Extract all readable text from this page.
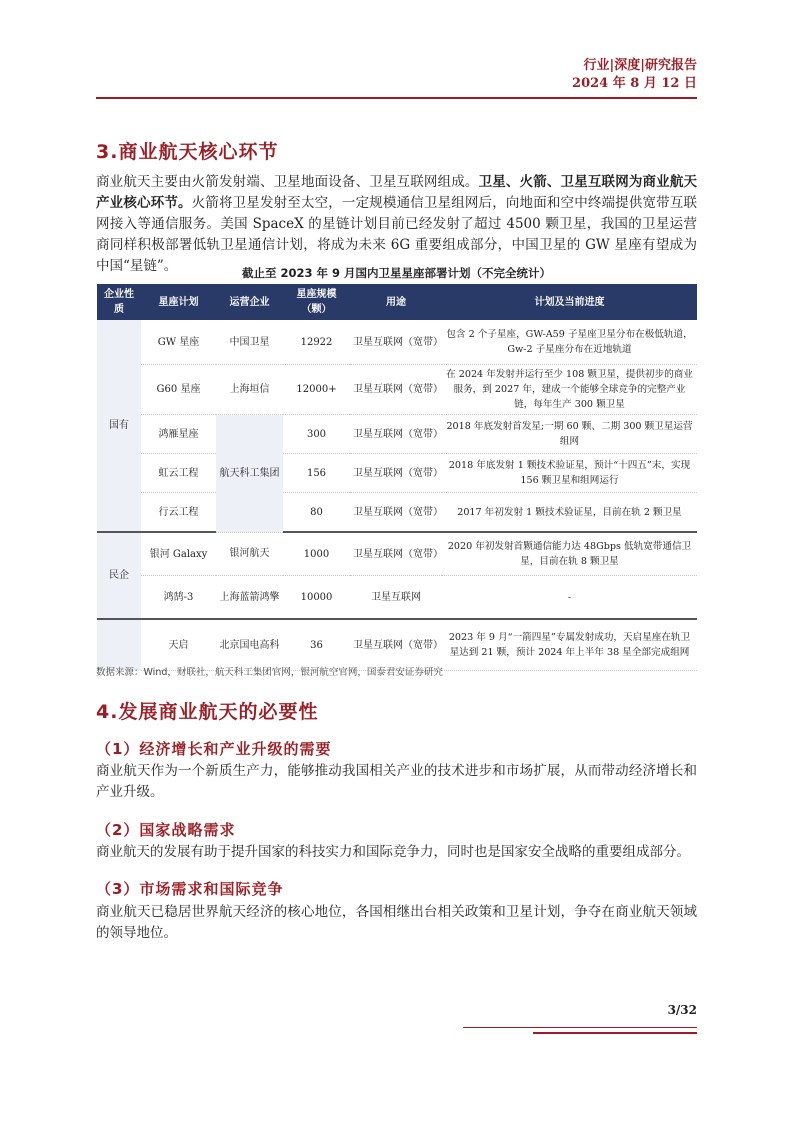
行业|深度|研究报告
2024 年 8 月 12 日
3.商业航天核心环节
商业航天主要由火箭发射端、卫星地面设备、卫星互联网组成。卫星、火箭、卫星互联网为商业航天产业核心环节。火箭将卫星发射至太空，一定规模通信卫星组网后，向地面和空中终端提供宽带互联网接入等通信服务。美国 SpaceX 的星链计划目前已经发射了超过 4500 颗卫星，我国的卫星运营商同样积极部署低轨卫星通信计划，将成为未来 6G 重要组成部分，中国卫星的 GW 星座有望成为中国“星链”。	截止至 2023 年 9 月国内卫星星座部署计划（不完全统计）
企业性质	星座计划	运营企业	星座规模（颗）	用途	计划及当前进度
国有	GW 星座	中国卫星	12922	卫星互联网（宽带）	包含 2 个子星座，GW-A59 子星座卫星分布在极低轨道，Gw-2 子星座分布在近地轨道
	G60 星座	上海垣信	12000+	卫星互联网（宽带）	在 2024 年发射并运行至少 108 颗卫星，提供初步的商业服务，到 2027 年，建成一个能够全球竞争的完整产业链，每年生产 300 颗卫星
	鸿雁星座	航天科工集团	300	卫星互联网（宽带）	2018 年底发射首发星;一期 60 颗、二期 300 颗卫星运营组网
	虹云工程		156	卫星互联网（宽带）	2018 年底发射 1 颗技术验证星，预计“十四五”末，实现 156 颗卫星和组网运行
	行云工程		80	卫星互联网（宽带）	2017 年初发射 1 颗技术验证星，目前在轨 2 颗卫星
民企	银河 Galaxy	银河航天	1000	卫星互联网（宽带）	2020 年初发射首颗通信能力达 48Gbps 低轨宽带通信卫星，目前在轨 8 颗卫星
	鸿鹄-3	上海蓝箭鸿擎	10000	卫星互联网	-
	天启	北京国电高科	36	卫星互联网（宽带）	2023 年 9 月“一箭四星”专属发射成功，天启星座在轨卫星达到 21 颗，预计 2024 年上半年 38 星全部完成组网
数据来源：Wind，财联社，航天科工集团官网，银河航空官网，国泰君安证券研究
4.发展商业航天的必要性
（1）经济增长和产业升级的需要
商业航天作为一个新质生产力，能够推动我国相关产业的技术进步和市场扩展，从而带动经济增长和产业升级。
（2）国家战略需求
商业航天的发展有助于提升国家的科技实力和国际竞争力，同时也是国家安全战略的重要组成部分。
（3）市场需求和国际竞争
商业航天已稳居世界航天经济的核心地位，各国相继出台相关政策和卫星计划，争夺在商业航天领域的领导地位。
3/32
